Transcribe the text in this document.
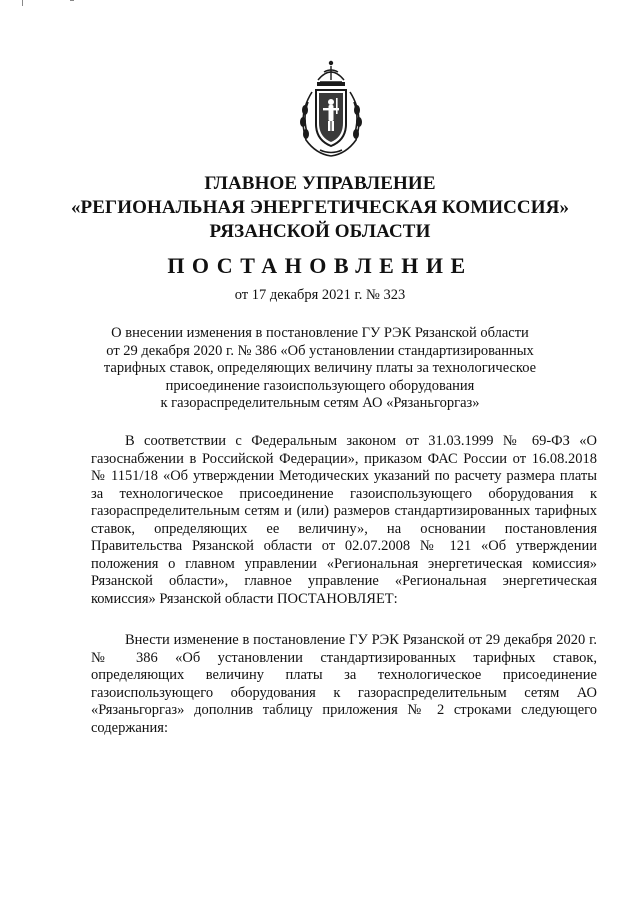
ГЛАВНОЕ УПРАВЛЕНИЕ
«РЕГИОНАЛЬНАЯ ЭНЕРГЕТИЧЕСКАЯ КОМИССИЯ»
РЯЗАНСКОЙ ОБЛАСТИ
ПОСТАНОВЛЕНИЕ
от 17 декабря 2021 г. № 323
О внесении изменения в постановление ГУ РЭК Рязанской области
от 29 декабря 2020 г. № 386 «Об установлении стандартизированных
тарифных ставок, определяющих величину платы за технологическое
присоединение газоиспользующего оборудования
к газораспределительным сетям АО «Рязаньгоргаз»
В соответствии с Федеральным законом от 31.03.1999 № 69-ФЗ «О газоснабжении в Российской Федерации», приказом ФАС России от 16.08.2018 № 1151/18 «Об утверждении Методических указаний по расчету размера платы за технологическое присоединение газоиспользующего оборудования к газораспределительным сетям и (или) размеров стандартизированных тарифных ставок, определяющих ее величину», на основании постановления Правительства Рязанской области от 02.07.2008 № 121 «Об утверждении положения о главном управлении «Региональная энергетическая комиссия» Рязанской области», главное управление «Региональная энергетическая комиссия» Рязанской области ПОСТАНОВЛЯЕТ:
Внести изменение в постановление ГУ РЭК Рязанской от 29 декабря 2020 г. № 386 «Об установлении стандартизированных тарифных ставок, определяющих величину платы за технологическое присоединение газоиспользующего оборудования к газораспределительным сетям АО «Рязаньгоргаз» дополнив таблицу приложения № 2 строками следующего содержания:
